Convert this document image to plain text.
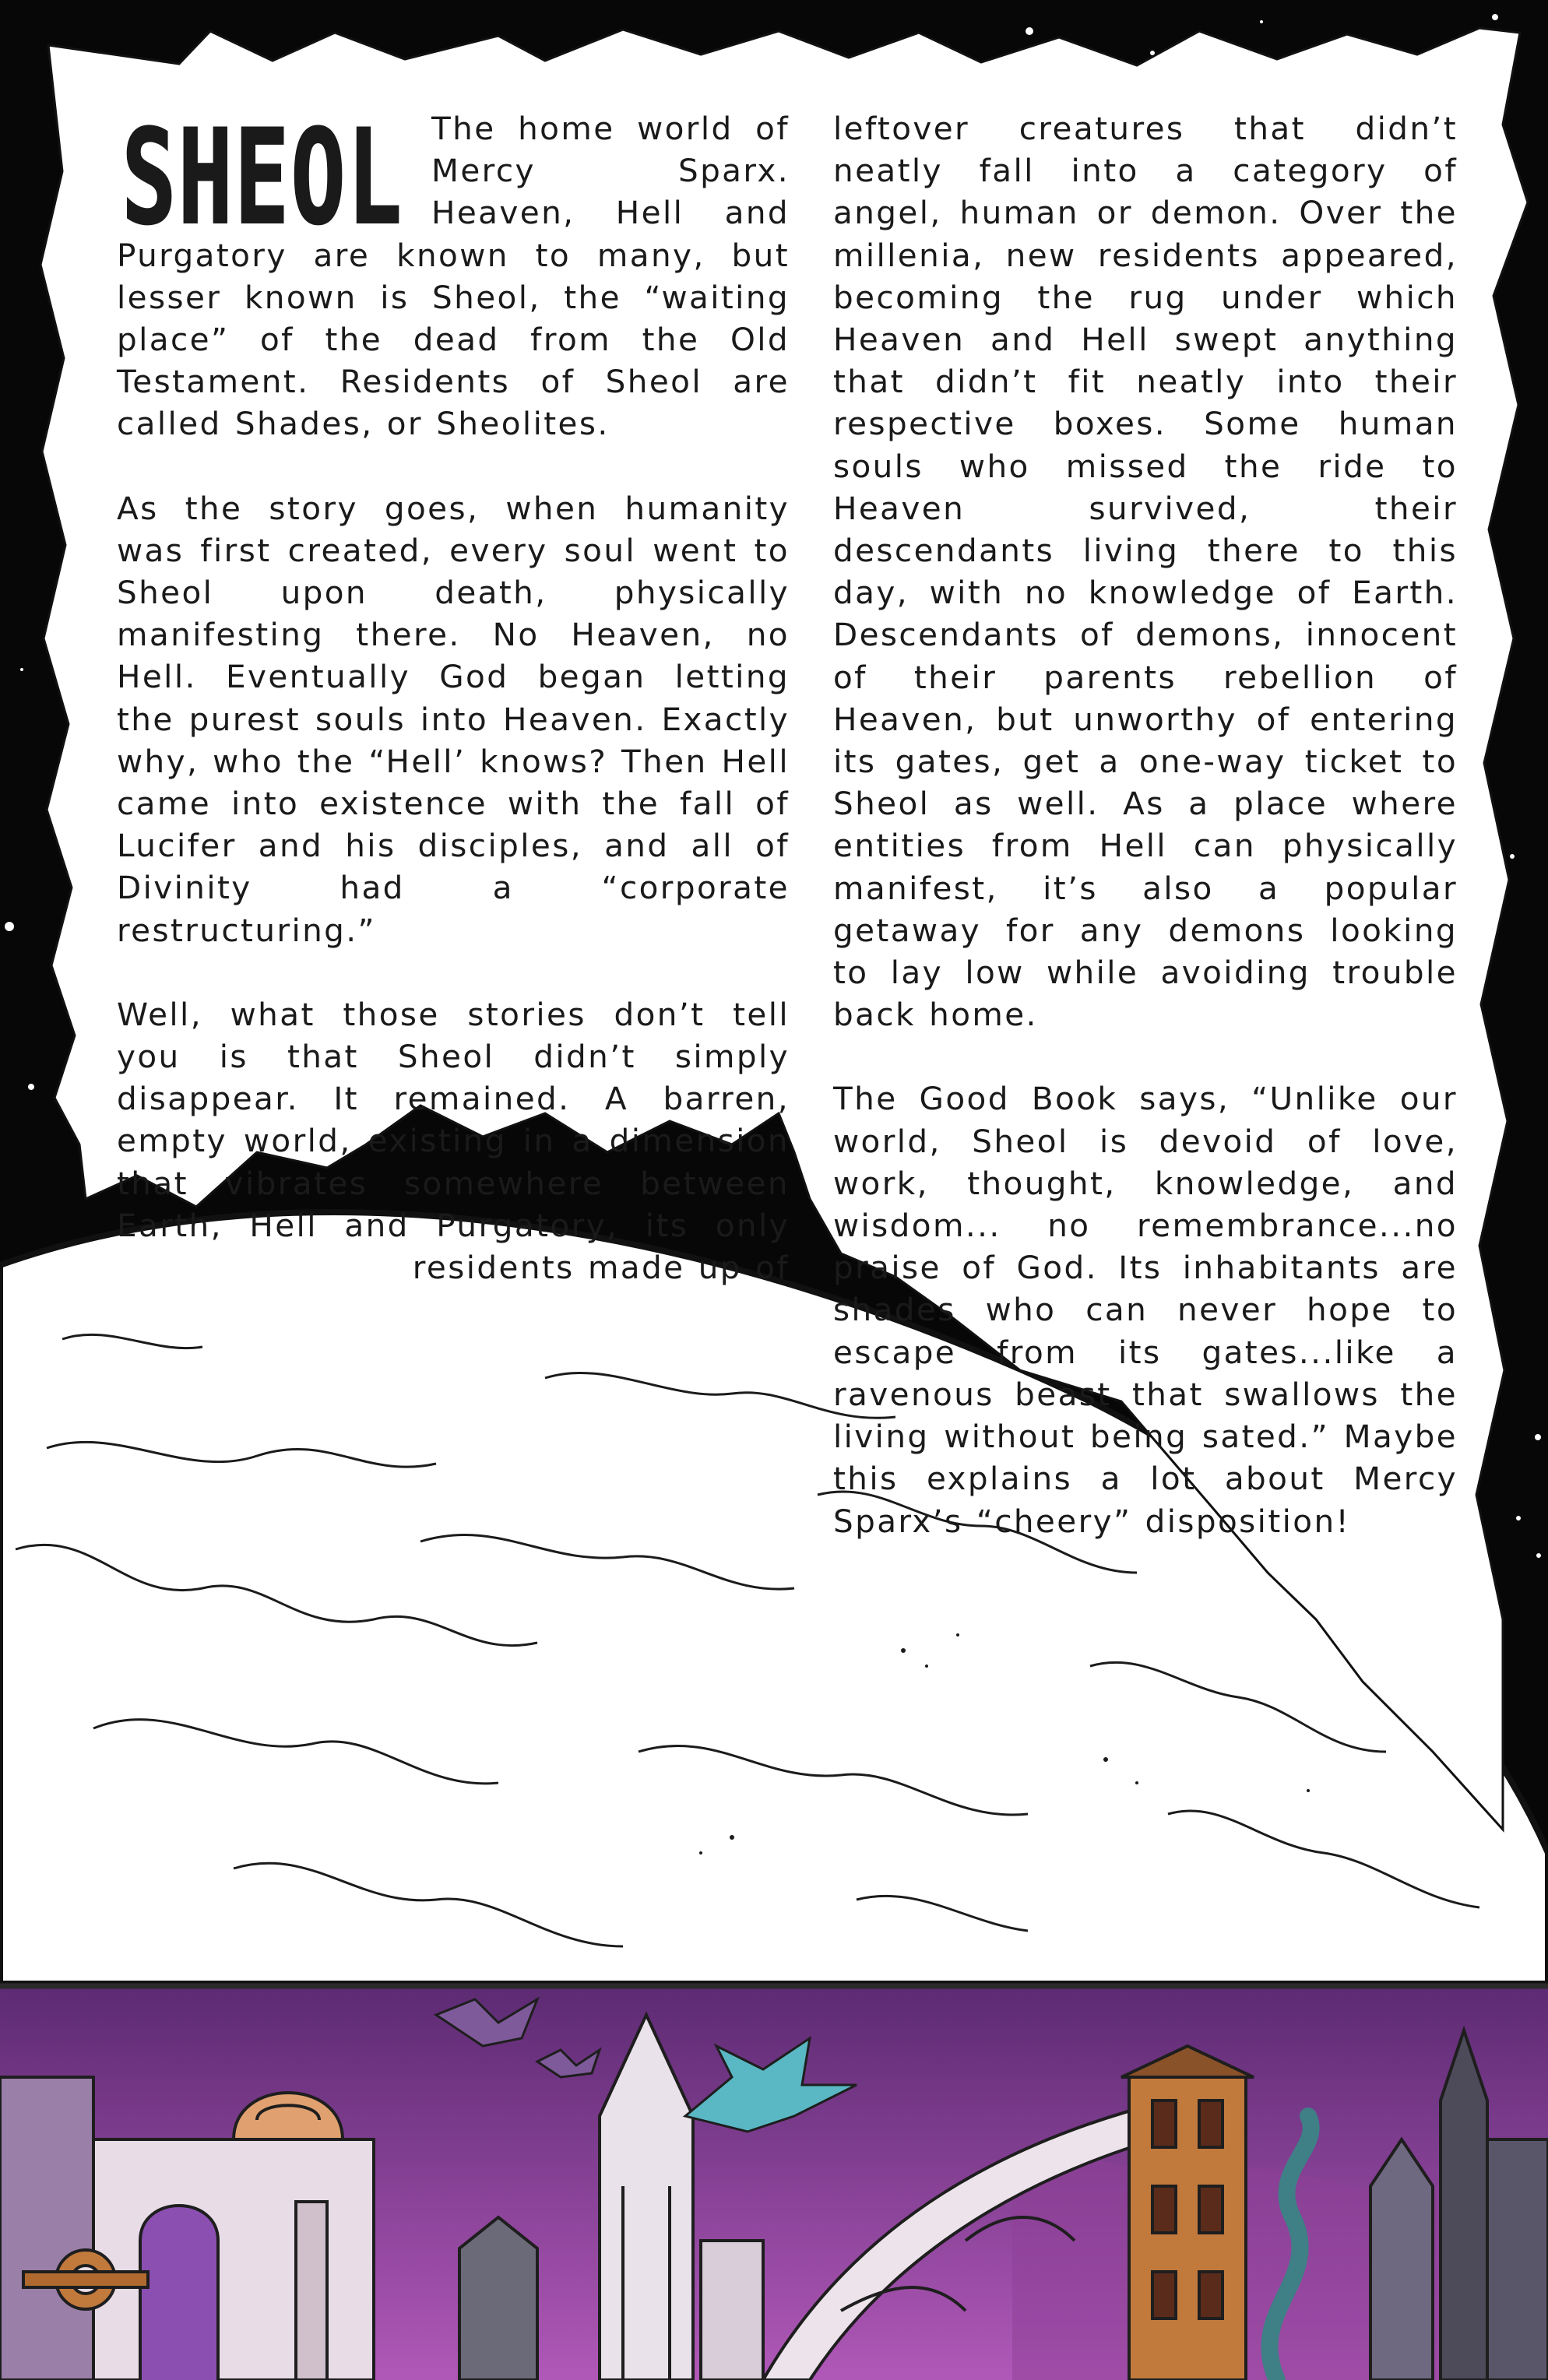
SHEOL The home world of Mercy Sparx. Heaven, Hell and Purgatory are known to many, but lesser known is Sheol, the “waiting place” of the dead from the Old Testament. Residents of Sheol are called Shades, or Sheolites.

As the story goes, when humanity was first created, every soul went to Sheol upon death, physically manifesting there. No Heaven, no Hell. Eventually God began letting the purest souls into Heaven. Exactly why, who the “Hell’ knows? Then Hell came into existence with the fall of Lucifer and his disciples, and all of Divinity had a “corporate restructuring.”

Well, what those stories don’t tell you is that Sheol didn’t simply disappear. It remained. A barren, empty world, existing in a dimension that vibrates somewhere between Earth, Hell and Purgatory, its only residents made up of

leftover creatures that didn’t neatly fall into a category of angel, human or demon. Over the millenia, new residents appeared, becoming the rug under which Heaven and Hell swept anything that didn’t fit neatly into their respective boxes. Some human souls who missed the ride to Heaven survived, their descendants living there to this day, with no knowledge of Earth. Descendants of demons, innocent of their parents rebellion of Heaven, but unworthy of entering its gates, get a one-way ticket to Sheol as well. As a place where entities from Hell can physically manifest, it’s also a popular getaway for any demons looking to lay low while avoiding trouble back home.

The Good Book says, “Unlike our world, Sheol is devoid of love, work, thought, knowledge, and wisdom... no remembrance...no praise of God. Its inhabitants are shades who can never hope to escape from its gates...like a ravenous beast that swallows the living without being sated.” Maybe this explains a lot about Mercy Sparx’s “cheery” disposition!
